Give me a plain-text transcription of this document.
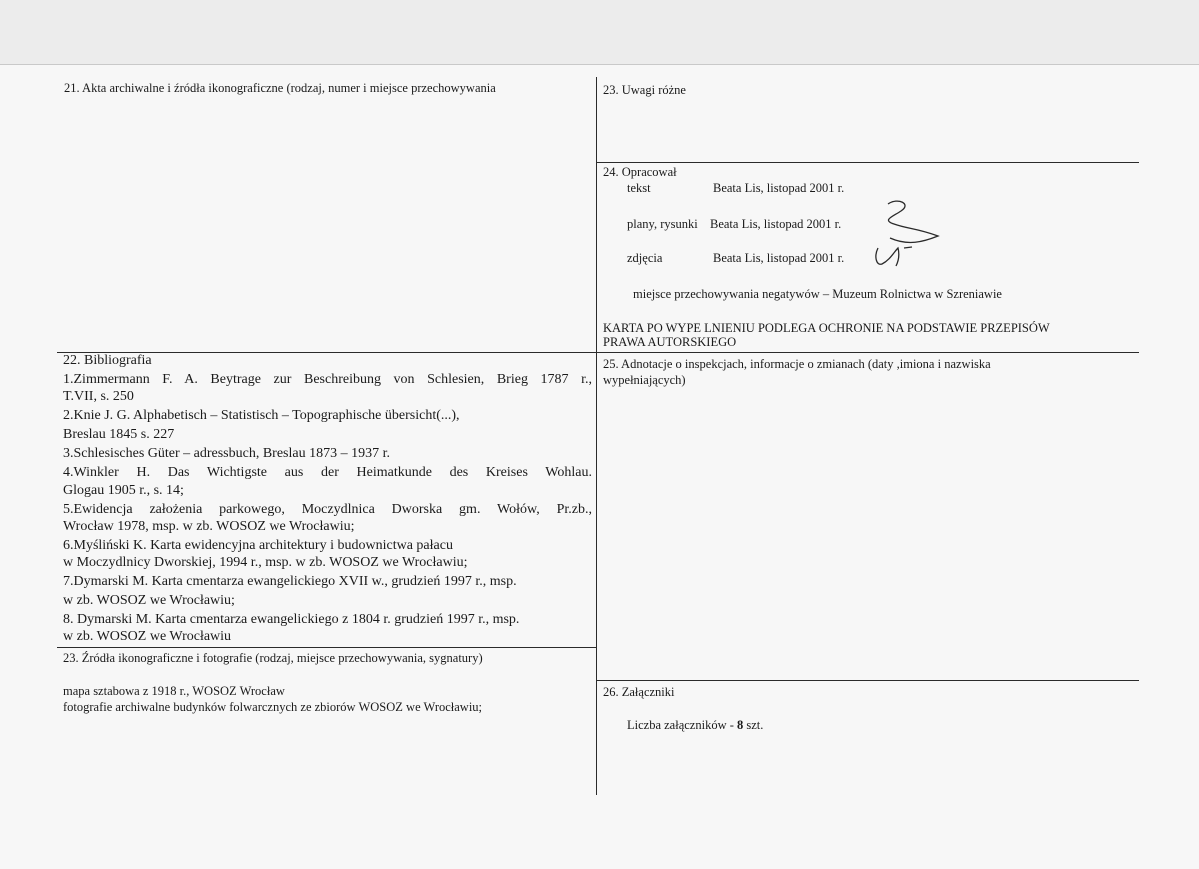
21. Akta archiwalne i źródła ikonograficzne (rodzaj, numer i miejsce przechowywania	23. Uwagi różne
24. Opracował
tekst	Beata Lis, listopad 2001 r.
plany, rysunki Beata Lis, listopad 2001 r.
zdjęcia	Beata Lis, listopad 2001 r.
miejsce przechowywania negatywów – Muzeum Rolnictwa w Szreniawie
KARTA PO WYPE LNIENIU PODLEGA OCHRONIE NA PODSTAWIE PRZEPISÓW
PRAWA AUTORSKIEGO
22. Bibliografia
1.Zimmermann F. A. Beytrage zur Beschreibung von Schlesien, Brieg 1787 r.,
T.VII, s. 250
2.Knie J. G. Alphabetisch – Statistisch – Topographische übersicht(...),
Breslau 1845 s. 227
3.Schlesisches Güter – adressbuch, Breslau 1873 – 1937 r.
4.Winkler H. Das Wichtigste aus der Heimatkunde des Kreises Wohlau.
Glogau 1905 r., s. 14;
5.Ewidencja założenia parkowego, Moczydlnica Dworska gm. Wołów, Pr.zb.,
Wrocław 1978, msp. w zb. WOSOZ we Wrocławiu;
6.Myśliński K. Karta ewidencyjna architektury i budownictwa pałacu
w Moczydlnicy Dworskiej, 1994 r., msp. w zb. WOSOZ we Wrocławiu;
7.Dymarski M. Karta cmentarza ewangelickiego XVII w., grudzień 1997 r., msp.
w zb. WOSOZ we Wrocławiu;
8. Dymarski M. Karta cmentarza ewangelickiego z 1804 r. grudzień 1997 r., msp.
w zb. WOSOZ we Wrocławiu
25. Adnotacje o inspekcjach, informacje o zmianach (daty ,imiona i nazwiska
wypełniających)
23. Źródła ikonograficzne i fotografie (rodzaj, miejsce przechowywania, sygnatury)
mapa sztabowa z 1918 r., WOSOZ Wrocław
fotografie archiwalne budynków folwarcznych ze zbiorów WOSOZ we Wrocławiu;
26. Załączniki
Liczba załączników - 8 szt.
